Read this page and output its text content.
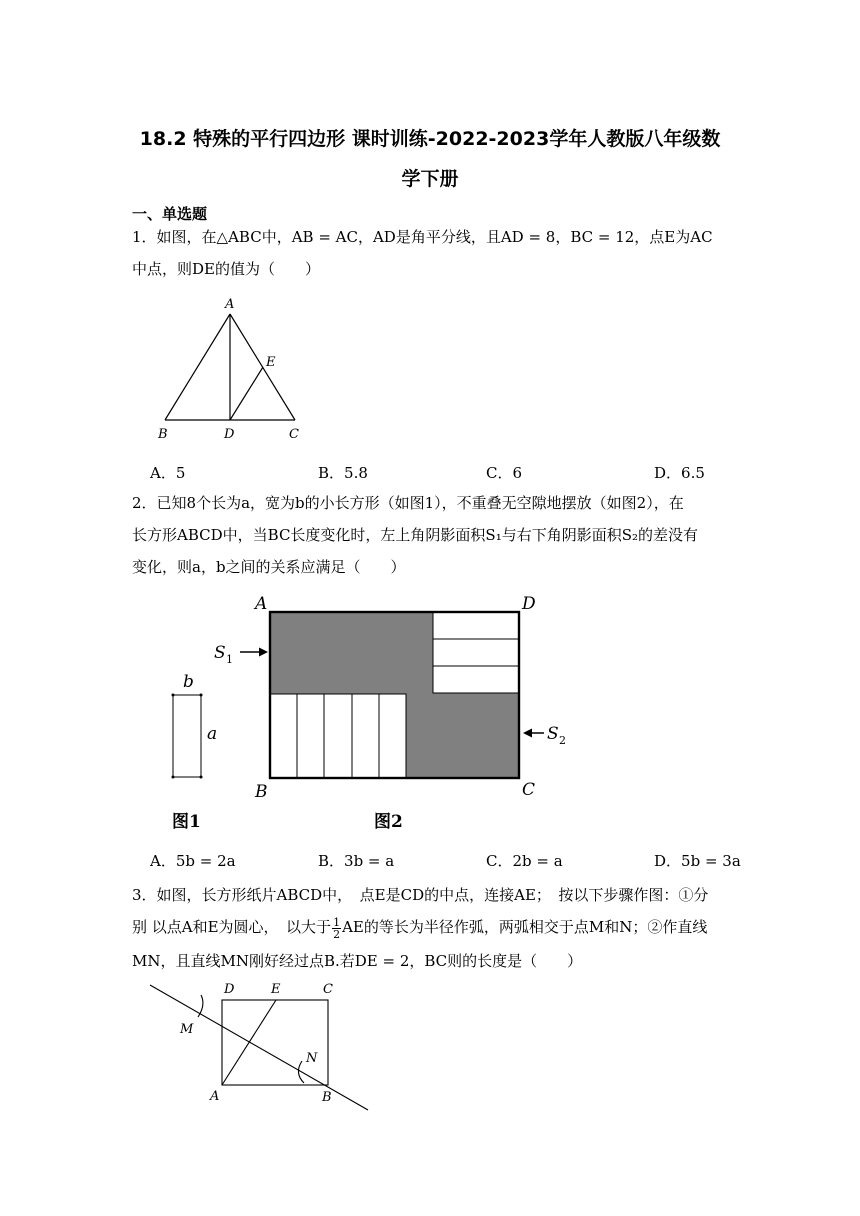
18.2 特殊的平行四边形 课时训练-2022-2023学年人教版八年级数
学下册
一、单选题
1．如图，在△ABC中，AB = AC，AD是角平分线，且AD = 8，BC = 12，点E为AC
中点，则DE的值为（　　）
A
E
B	D	C
A．5	B．5.8	C．6	D．6.5
2．已知8个长为a，宽为b的小长方形（如图1），不重叠无空隙地摆放（如图2），在
长方形ABCD中，当BC长度变化时，左上角阴影面积S₁与右下角阴影面积S₂的差没有
变化，则a，b之间的关系应满足（　　）
b
a
图1
A	D
B	C
S 1
S 2
图2
A．5b = 2a	B．3b = a	C．2b = a	D．5b = 3a
3．如图，长方形纸片ABCD中，　点E是CD的中点，连接AE；　按以下步骤作图：①分
别 以点A和E为圆心，　以大于 $\frac{1}{2}$ AE的等长为半径作弧，两弧相交于点M和N；②作直线
MN，且直线MN刚好经过点B.若DE = 2，BC则的长度是（　　）
D	E	C
M
N
A	B
